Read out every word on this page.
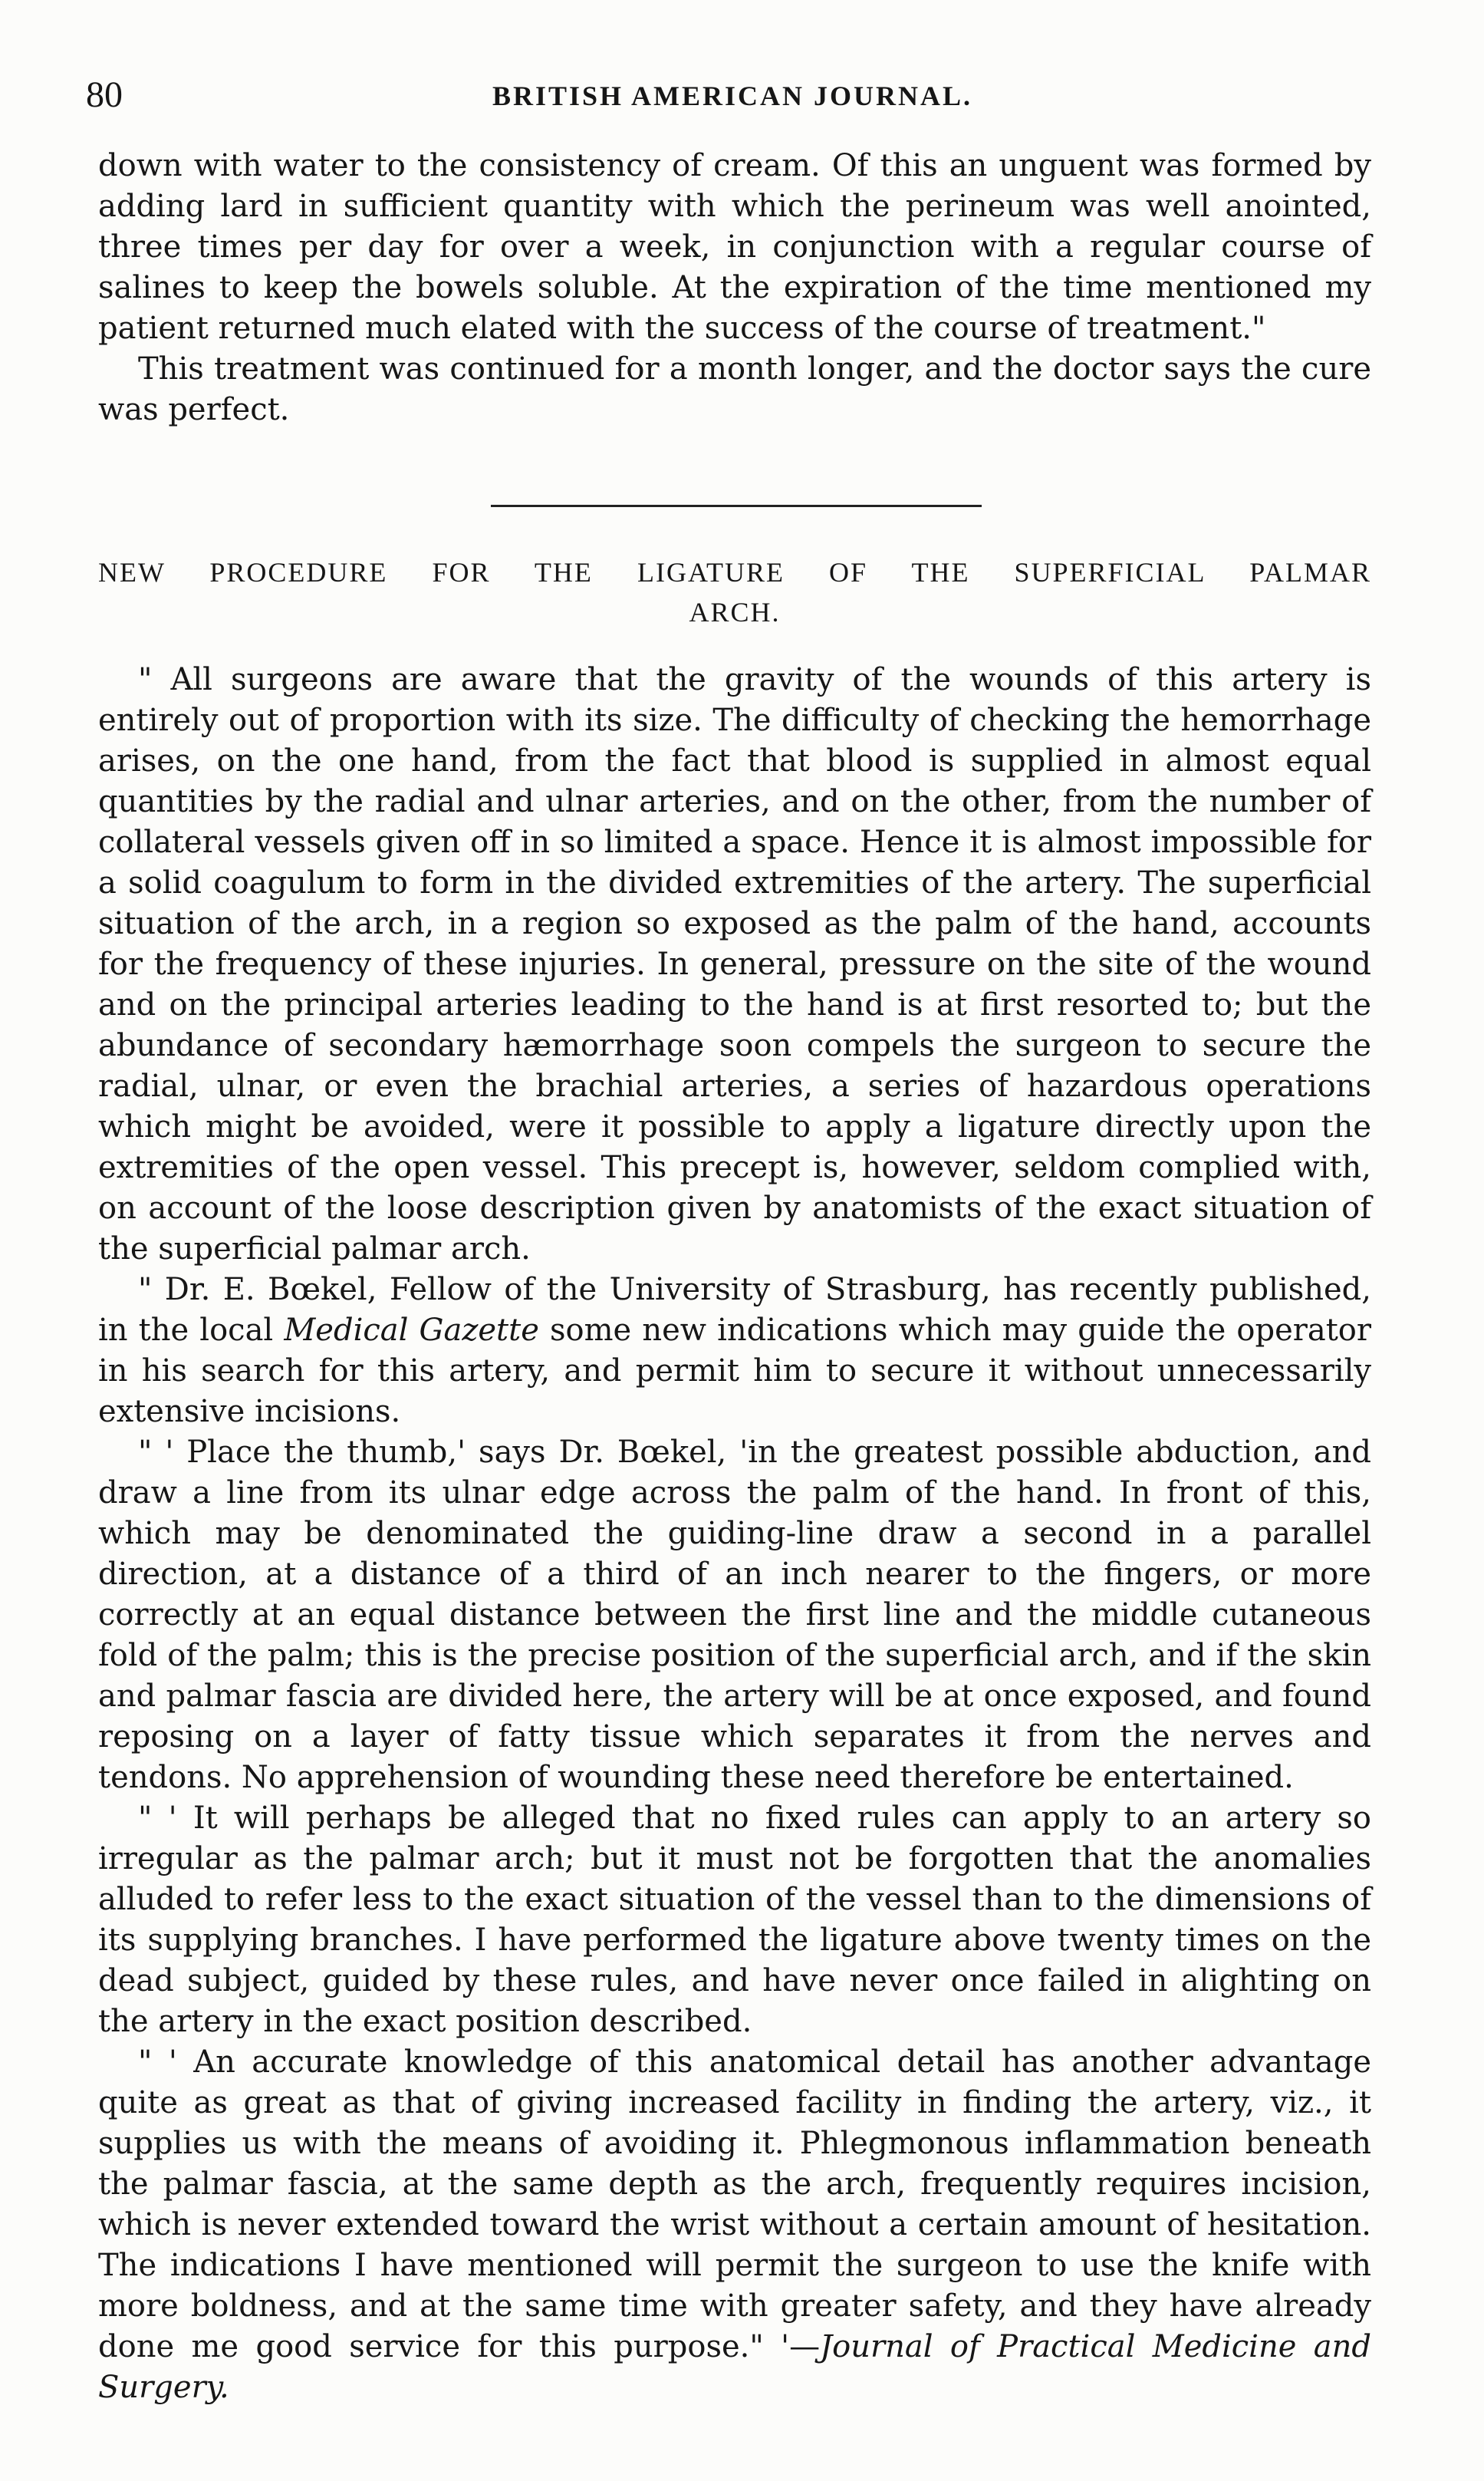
80	BRITISH AMERICAN JOURNAL.

down with water to the consistency of cream. Of this an unguent was formed by adding lard in sufficient quantity with which the perineum was well anointed, three times per day for over a week, in conjunction with a regular course of salines to keep the bowels soluble. At the expiration of the time mentioned my patient returned much elated with the success of the course of treatment."

This treatment was continued for a month longer, and the doctor says the cure was perfect.

NEW PROCEDURE FOR THE LIGATURE OF THE SUPERFICIAL PALMAR
ARCH.

" All surgeons are aware that the gravity of the wounds of this artery is entirely out of proportion with its size. The difficulty of checking the hemorrhage arises, on the one hand, from the fact that blood is supplied in almost equal quantities by the radial and ulnar arteries, and on the other, from the number of collateral vessels given off in so limited a space. Hence it is almost impossible for a solid coagulum to form in the divided extremities of the artery. The superficial situation of the arch, in a region so exposed as the palm of the hand, accounts for the frequency of these injuries. In general, pressure on the site of the wound and on the principal arteries leading to the hand is at first resorted to; but the abundance of secondary hæmorrhage soon compels the surgeon to secure the radial, ulnar, or even the brachial arteries, a series of hazardous operations which might be avoided, were it possible to apply a ligature directly upon the extremities of the open vessel. This precept is, however, seldom complied with, on account of the loose description given by anatomists of the exact situation of the superficial palmar arch.

" Dr. E. Bœkel, Fellow of the University of Strasburg, has recently published, in the local Medical Gazette some new indications which may guide the operator in his search for this artery, and permit him to secure it without unnecessarily extensive incisions.

" ' Place the thumb,' says Dr. Bœkel, 'in the greatest possible abduction, and draw a line from its ulnar edge across the palm of the hand. In front of this, which may be denominated the guiding-line draw a second in a parallel direction, at a distance of a third of an inch nearer to the fingers, or more correctly at an equal distance between the first line and the middle cutaneous fold of the palm; this is the precise position of the superficial arch, and if the skin and palmar fascia are divided here, the artery will be at once exposed, and found reposing on a layer of fatty tissue which separates it from the nerves and tendons. No apprehension of wounding these need therefore be entertained.

" ' It will perhaps be alleged that no fixed rules can apply to an artery so irregular as the palmar arch; but it must not be forgotten that the anomalies alluded to refer less to the exact situation of the vessel than to the dimensions of its supplying branches. I have performed the ligature above twenty times on the dead subject, guided by these rules, and have never once failed in alighting on the artery in the exact position described.

" ' An accurate knowledge of this anatomical detail has another advantage quite as great as that of giving increased facility in finding the artery, viz., it supplies us with the means of avoiding it. Phlegmonous inflammation beneath the palmar fascia, at the same depth as the arch, frequently requires incision, which is never extended toward the wrist without a certain amount of hesitation. The indications I have mentioned will permit the surgeon to use the knife with more boldness, and at the same time with greater safety, and they have already done me good service for this purpose." '—Journal of Practical Medicine and Surgery.
